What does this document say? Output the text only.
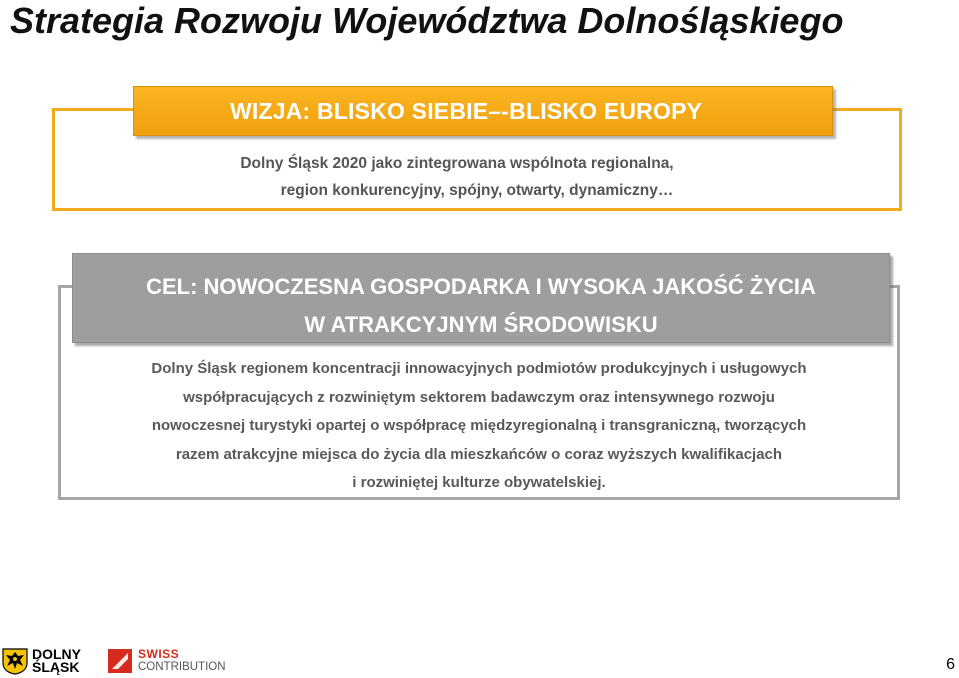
Strategia Rozwoju Województwa Dolnośląskiego
WIZJA: BLISKO SIEBIE–-BLISKO EUROPY
Dolny Śląsk 2020 jako zintegrowana wspólnota regionalna,
region konkurencyjny, spójny, otwarty, dynamiczny…
CEL: NOWOCZESNA GOSPODARKA I WYSOKA JAKOŚĆ ŻYCIA
W ATRAKCYJNYM ŚRODOWISKU
Dolny Śląsk regionem koncentracji innowacyjnych podmiotów produkcyjnych i usługowych
współpracujących z rozwiniętym sektorem badawczym oraz intensywnego rozwoju
nowoczesnej turystyki opartej o współpracę międzyregionalną i transgraniczną, tworzących
razem atrakcyjne miejsca do życia dla mieszkańców o coraz wyższych kwalifikacjach
i rozwiniętej kulturze obywatelskiej.
DOLNY
ŚLĄSK
SWISS
CONTRIBUTION	6
